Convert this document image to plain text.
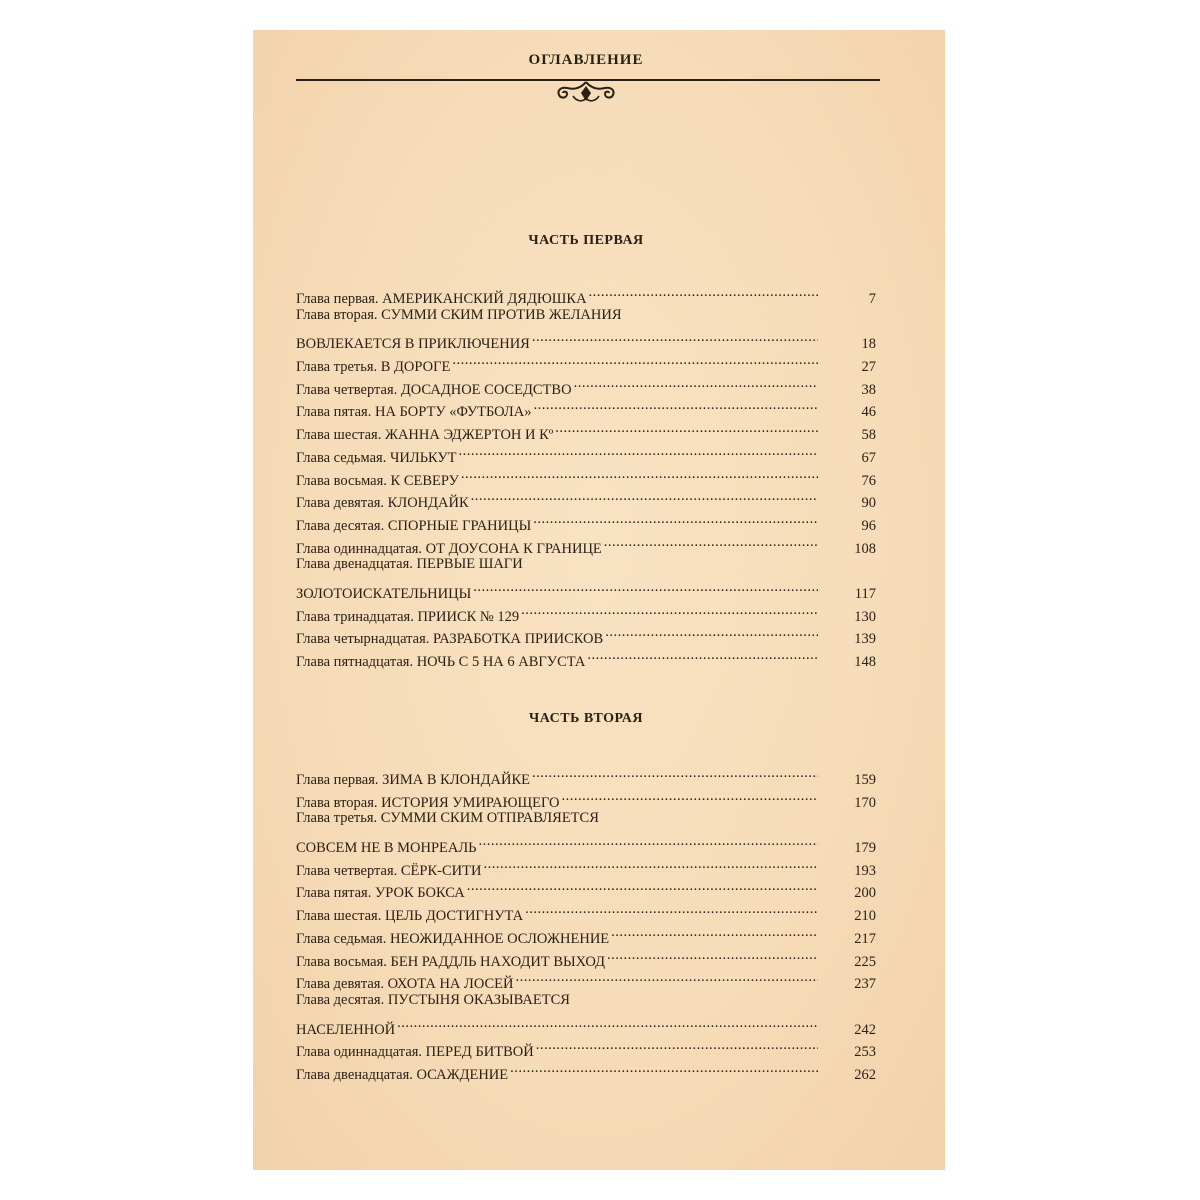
ОГЛАВЛЕНИЕ
ЧАСТЬ ПЕРВАЯ
Глава первая. АМЕРИКАНСКИЙ ДЯДЮШКА .....	7
Глава вторая. СУММИ СКИМ ПРОТИВ ЖЕЛАНИЯ
ВОВЛЕКАЕТСЯ В ПРИКЛЮЧЕНИЯ .....	18
Глава третья. В ДОРОГЕ .....	27
Глава четвертая. ДОСАДНОЕ СОСЕДСТВО .....	38
Глава пятая. НА БОРТУ «ФУТБОЛА» .....	46
Глава шестая. ЖАННА ЭДЖЕРТОН И Кº .....	58
Глава седьмая. ЧИЛЬКУТ .....	67
Глава восьмая. К СЕВЕРУ .....	76
Глава девятая. КЛОНДАЙК .....	90
Глава десятая. СПОРНЫЕ ГРАНИЦЫ .....	96
Глава одиннадцатая. ОТ ДОУСОНА К ГРАНИЦЕ .....	108
Глава двенадцатая. ПЕРВЫЕ ШАГИ
ЗОЛОТОИСКАТЕЛЬНИЦЫ .....	117
Глава тринадцатая. ПРИИСК № 129 .....	130
Глава четырнадцатая. РАЗРАБОТКА ПРИИСКОВ .....	139
Глава пятнадцатая. НОЧЬ С 5 НА 6 АВГУСТА .....	148
ЧАСТЬ ВТОРАЯ
Глава первая. ЗИМА В КЛОНДАЙКЕ .....	159
Глава вторая. ИСТОРИЯ УМИРАЮЩЕГО .....	170
Глава третья. СУММИ СКИМ ОТПРАВЛЯЕТСЯ
СОВСЕМ НЕ В МОНРЕАЛЬ .....	179
Глава четвертая. СЁРК-СИТИ .....	193
Глава пятая. УРОК БОКСА .....	200
Глава шестая. ЦЕЛЬ ДОСТИГНУТА .....	210
Глава седьмая. НЕОЖИДАННОЕ ОСЛОЖНЕНИЕ .....	217
Глава восьмая. БЕН РАДДЛЬ НАХОДИТ ВЫХОД .....	225
Глава девятая. ОХОТА НА ЛОСЕЙ .....	237
Глава десятая. ПУСТЫНЯ ОКАЗЫВАЕТСЯ
НАСЕЛЕННОЙ .....	242
Глава одиннадцатая. ПЕРЕД БИТВОЙ .....	253
Глава двенадцатая. ОСАЖДЕНИЕ .....	262
